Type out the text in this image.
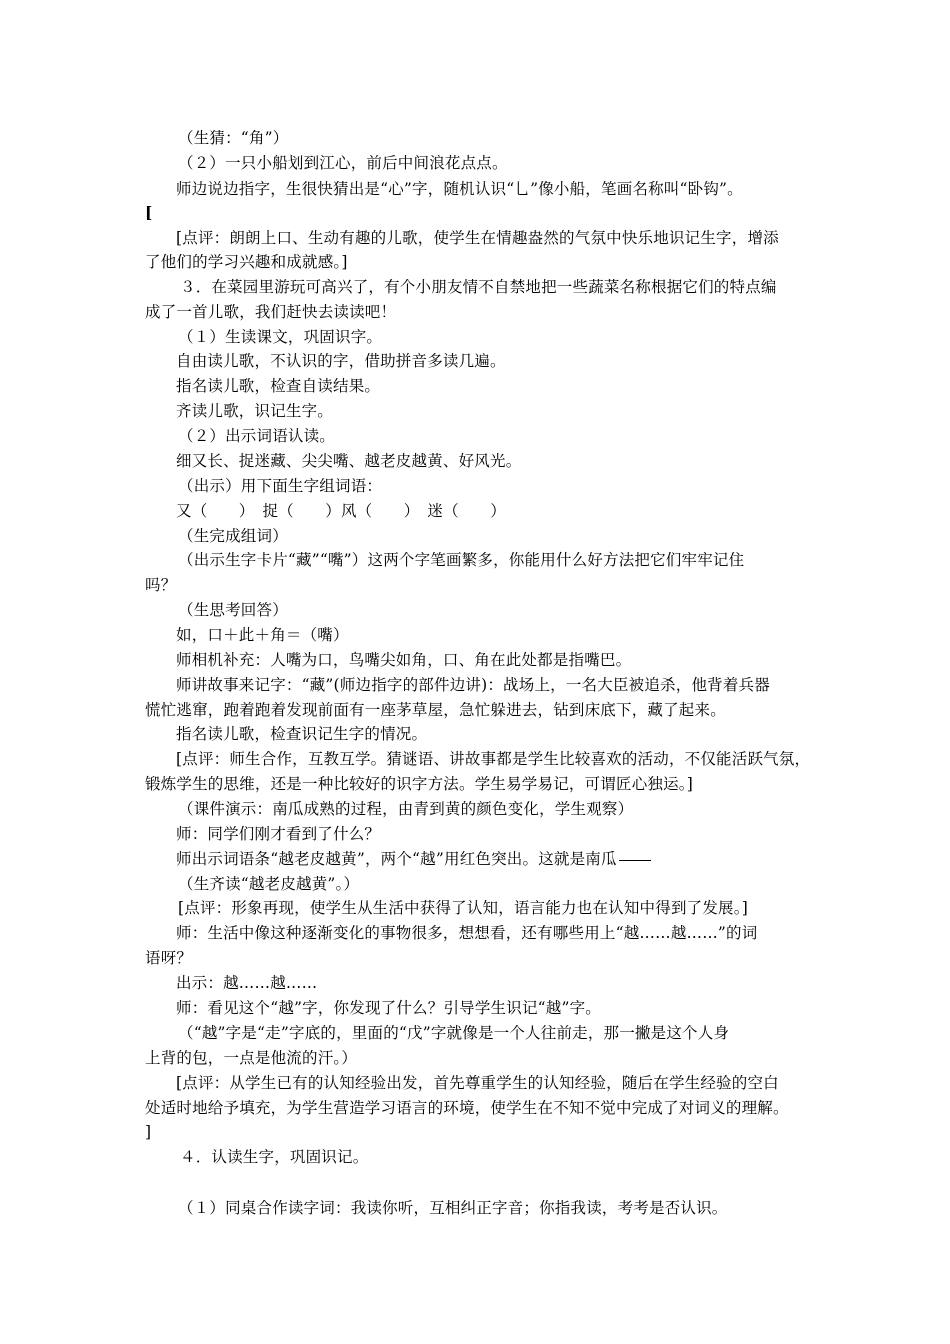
（生猜：“角”）
（２）一只小船划到江心，前后中间浪花点点。
师边说边指字，生很快猜出是“心”字，随机认识“乚”像小船，笔画名称叫“卧钩”。
[
[点评：朗朗上口、生动有趣的儿歌，使学生在情趣盎然的气氛中快乐地识记生字，增添
了他们的学习兴趣和成就感。]
３．在菜园里游玩可高兴了，有个小朋友情不自禁地把一些蔬菜名称根据它们的特点编
成了一首儿歌，我们赶快去读读吧！
（１）生读课文，巩固识字。
自由读儿歌，不认识的字，借助拼音多读几遍。
指名读儿歌，检查自读结果。
齐读儿歌，识记生字。
（２）出示词语认读。
细又长、捉迷藏、尖尖嘴、越老皮越黄、好风光。
（出示）用下面生字组词语：
又（　　）　捉（　　）风（　　）　迷（　　）
（生完成组词）
（出示生字卡片“藏”“嘴”）这两个字笔画繁多，你能用什么好方法把它们牢牢记住
吗？
（生思考回答）
如，口＋此＋角＝（嘴）
师相机补充：人嘴为口，鸟嘴尖如角，口、角在此处都是指嘴巴。
师讲故事来记字：“藏”(师边指字的部件边讲)：战场上，一名大臣被追杀，他背着兵器
慌忙逃窜，跑着跑着发现前面有一座茅草屋，急忙躲进去，钻到床底下，藏了起来。
指名读儿歌，检查识记生字的情况。
[点评：师生合作，互教互学。猜谜语、讲故事都是学生比较喜欢的活动，不仅能活跃气氛，
锻炼学生的思维，还是一种比较好的识字方法。学生易学易记，可谓匠心独运。]
（课件演示：南瓜成熟的过程，由青到黄的颜色变化，学生观察）
师：同学们刚才看到了什么？
师出示词语条“越老皮越黄”，两个“越”用红色突出。这就是南瓜
（生齐读“越老皮越黄”。）
[点评：形象再现，使学生从生活中获得了认知，语言能力也在认知中得到了发展。]
师：生活中像这种逐渐变化的事物很多，想想看，还有哪些用上“越……越……”的词
语呀？
出示：越……越……
师：看见这个“越”字，你发现了什么？引导学生识记“越”字。
（“越”字是“走”字底的，里面的“戊”字就像是一个人往前走，那一撇是这个人身
上背的包，一点是他流的汗。）
[点评：从学生已有的认知经验出发，首先尊重学生的认知经验，随后在学生经验的空白
处适时地给予填充，为学生营造学习语言的环境，使学生在不知不觉中完成了对词义的理解。
]
４．认读生字，巩固识记。
（１）同桌合作读字词：我读你听，互相纠正字音；你指我读，考考是否认识。
